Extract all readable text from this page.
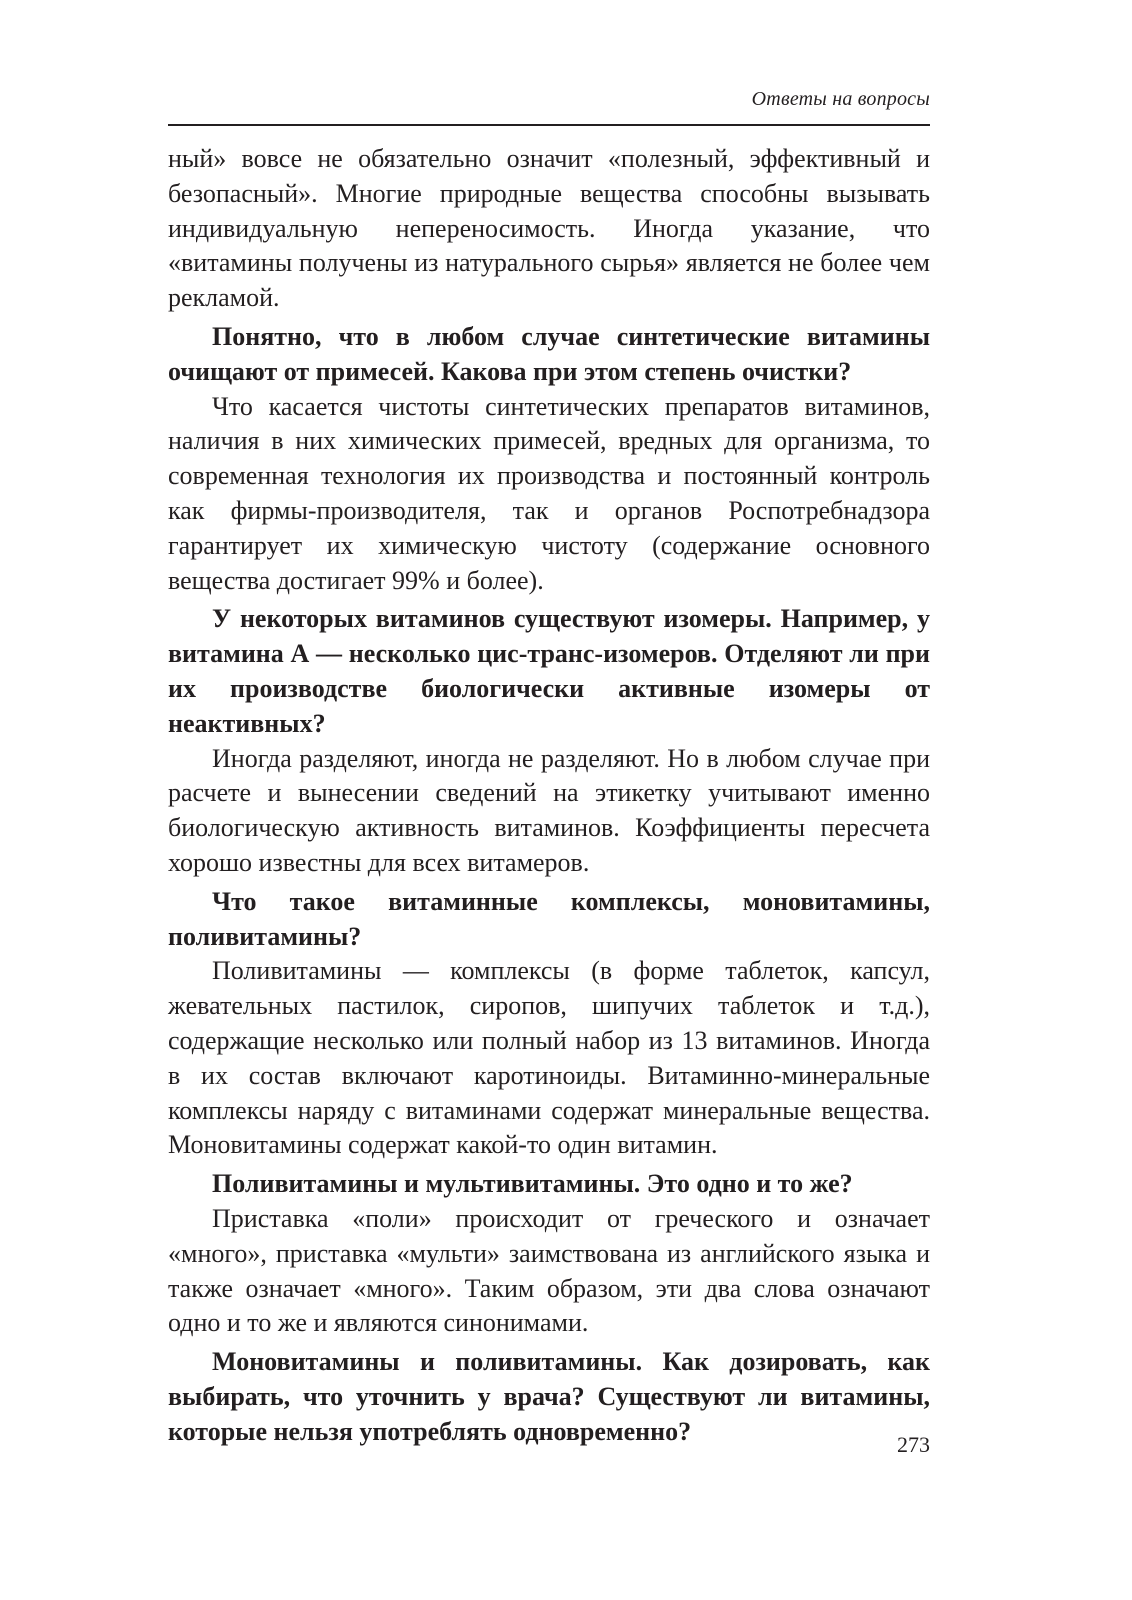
Ответы на вопросы

ный» вовсе не обязательно означит «полезный, эффективный и безопасный». Многие природные вещества способны вызывать индивидуальную непереносимость. Иногда указание, что «витамины получены из натурального сырья» является не более чем рекламой.

Понятно, что в любом случае синтетические витамины очищают от примесей. Какова при этом степень очистки?

Что касается чистоты синтетических препаратов витаминов, наличия в них химических примесей, вредных для организма, то современная технология их производства и постоянный контроль как фирмы-производителя, так и органов Роспотребнадзора гарантирует их химическую чистоту (содержание основного вещества достигает 99% и более).

У некоторых витаминов существуют изомеры. Например, у витамина А — несколько цис-транс-изомеров. Отделяют ли при их производстве биологически активные изомеры от неактивных?

Иногда разделяют, иногда не разделяют. Но в любом случае при расчете и вынесении сведений на этикетку учитывают именно биологическую активность витаминов. Коэффициенты пересчета хорошо известны для всех витамеров.

Что такое витаминные комплексы, моновитамины, поливитамины?

Поливитамины — комплексы (в форме таблеток, капсул, жевательных пастилок, сиропов, шипучих таблеток и т.д.), содержащие несколько или полный набор из 13 витаминов. Иногда в их состав включают каротиноиды. Витаминно-минеральные комплексы наряду с витаминами содержат минеральные вещества. Моновитамины содержат какой-то один витамин.

Поливитамины и мультивитамины. Это одно и то же?

Приставка «поли» происходит от греческого и означает «много», приставка «мульти» заимствована из английского языка и также означает «много». Таким образом, эти два слова означают одно и то же и являются синонимами.

Моновитамины и поливитамины. Как дозировать, как выбирать, что уточнить у врача? Существуют ли витамины, которые нельзя употреблять одновременно?	273
